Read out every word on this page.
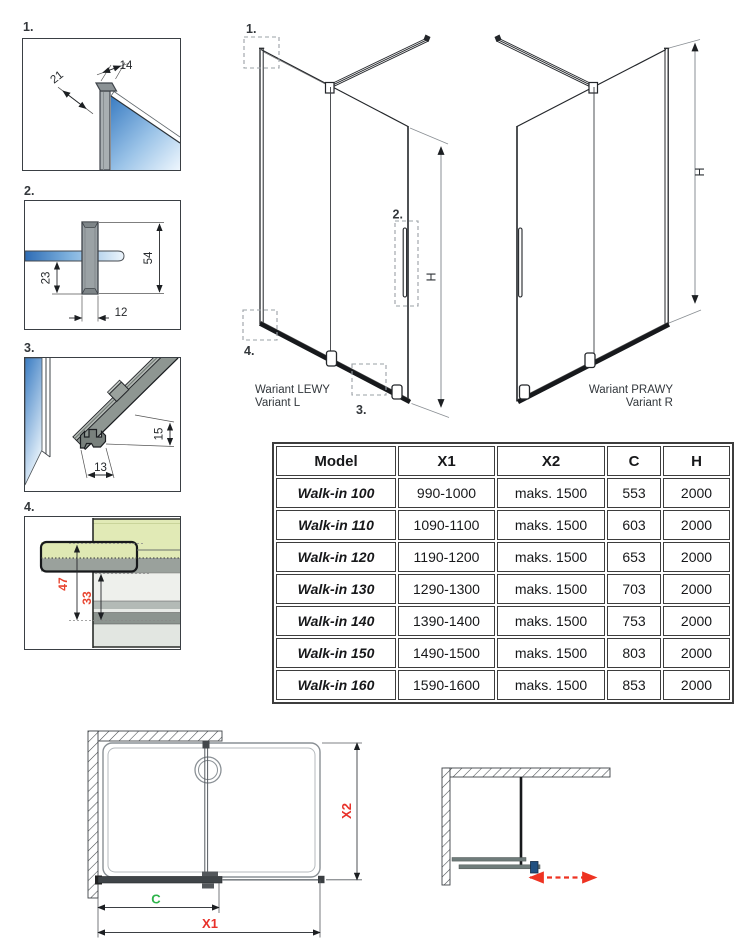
1.
14
21
2.
54
23
12
3.
15
13
4.
47
33
H
1.
2.
3.
4.
Wariant LEWY
Variant L
H
Wariant PRAWY
Variant R
Model	X1	X2	C	H
Walk-in 100	990-1000	maks. 1500	553	2000
Walk-in 110	1090-1100	maks. 1500	603	2000
Walk-in 120	1190-1200	maks. 1500	653	2000
Walk-in 130	1290-1300	maks. 1500	703	2000
Walk-in 140	1390-1400	maks. 1500	753	2000
Walk-in 150	1490-1500	maks. 1500	803	2000
Walk-in 160	1590-1600	maks. 1500	853	2000
C
X1
X2
